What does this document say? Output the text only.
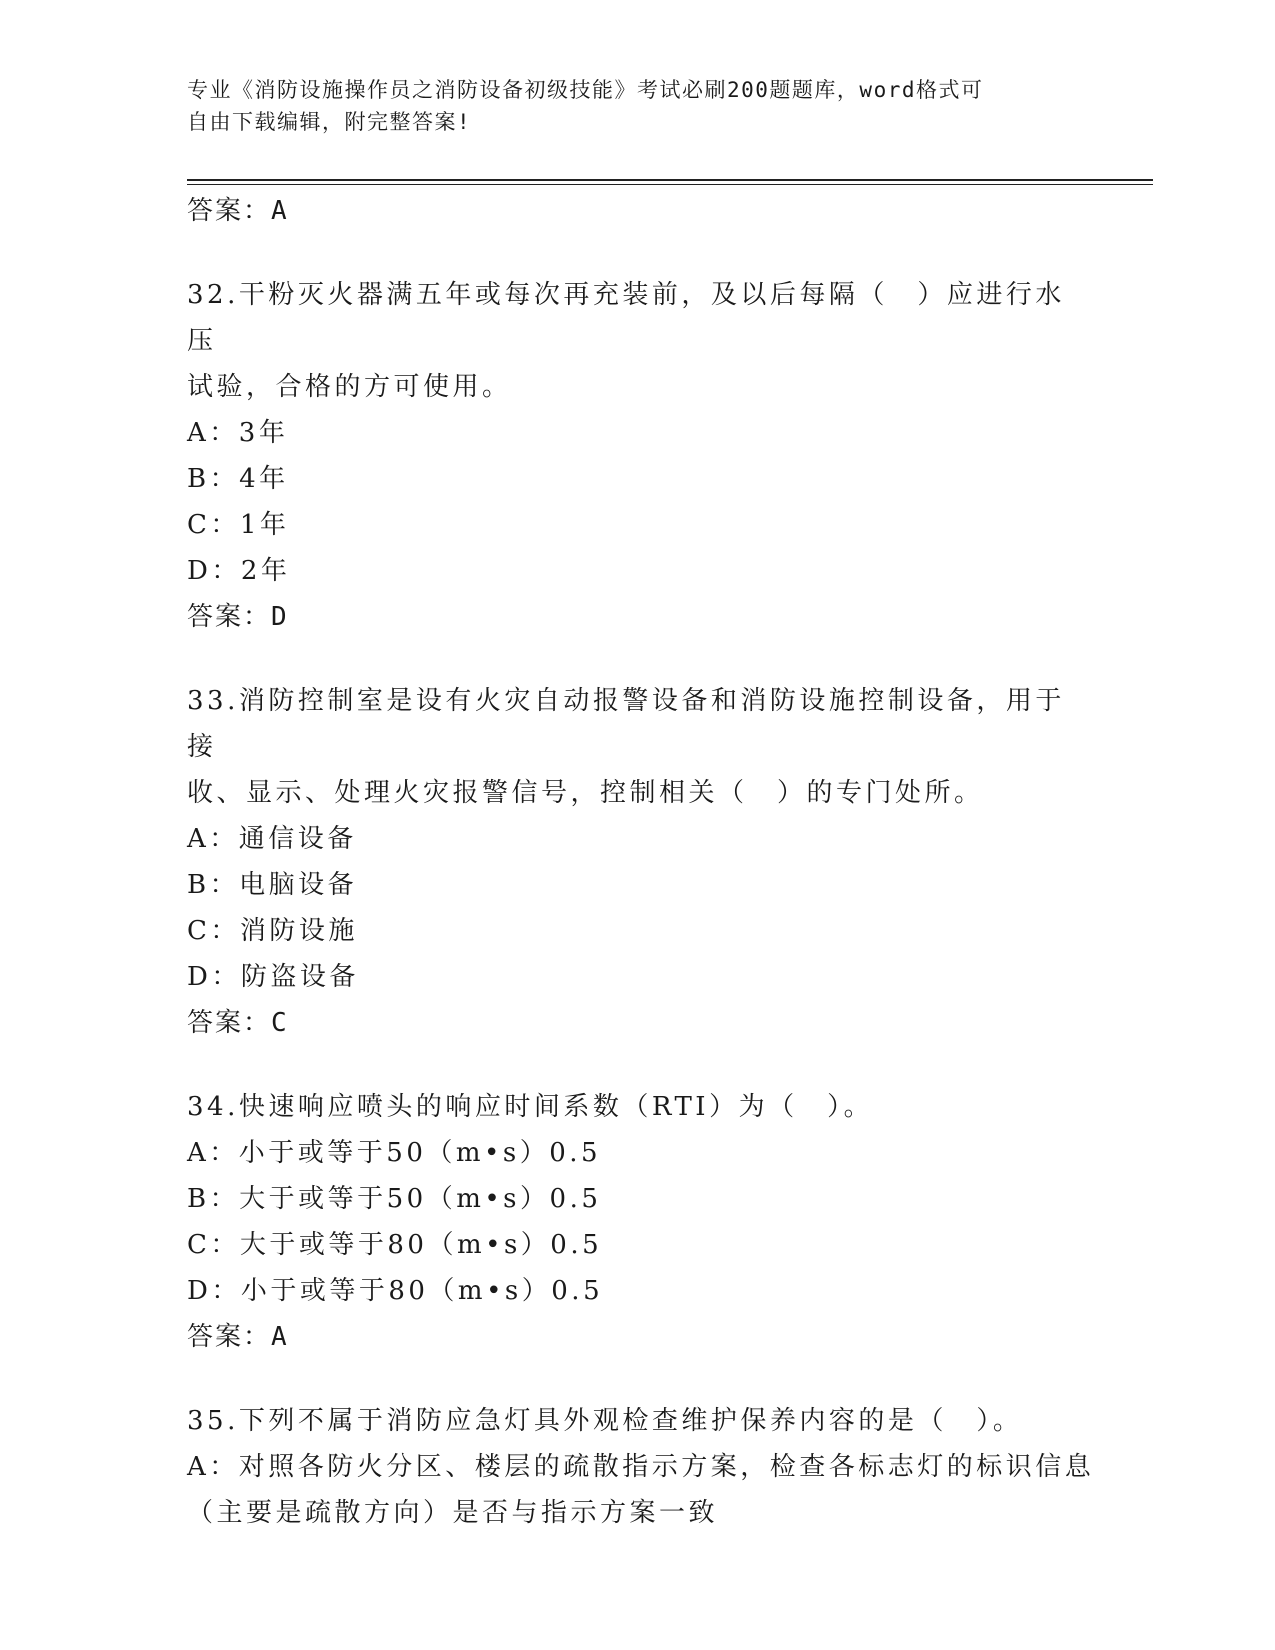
专业《消防设施操作员之消防设备初级技能》考试必刷200题题库，word格式可
自由下载编辑，附完整答案!
答案：A
32.干粉灭火器满五年或每次再充装前，及以后每隔（　）应进行水压
试验，合格的方可使用。
A：3年
B：4年
C：1年
D：2年
答案：D
33.消防控制室是设有火灾自动报警设备和消防设施控制设备，用于接
收、显示、处理火灾报警信号，控制相关（　）的专门处所。
A：通信设备
B：电脑设备
C：消防设施
D：防盗设备
答案：C
34.快速响应喷头的响应时间系数（RTI）为（　）。
A：小于或等于50（m•s）0.5
B：大于或等于50（m•s）0.5
C：大于或等于80（m•s）0.5
D：小于或等于80（m•s）0.5
答案：A
35.下列不属于消防应急灯具外观检查维护保养内容的是（　）。
A：对照各防火分区、楼层的疏散指示方案，检查各标志灯的标识信息
（主要是疏散方向）是否与指示方案一致
